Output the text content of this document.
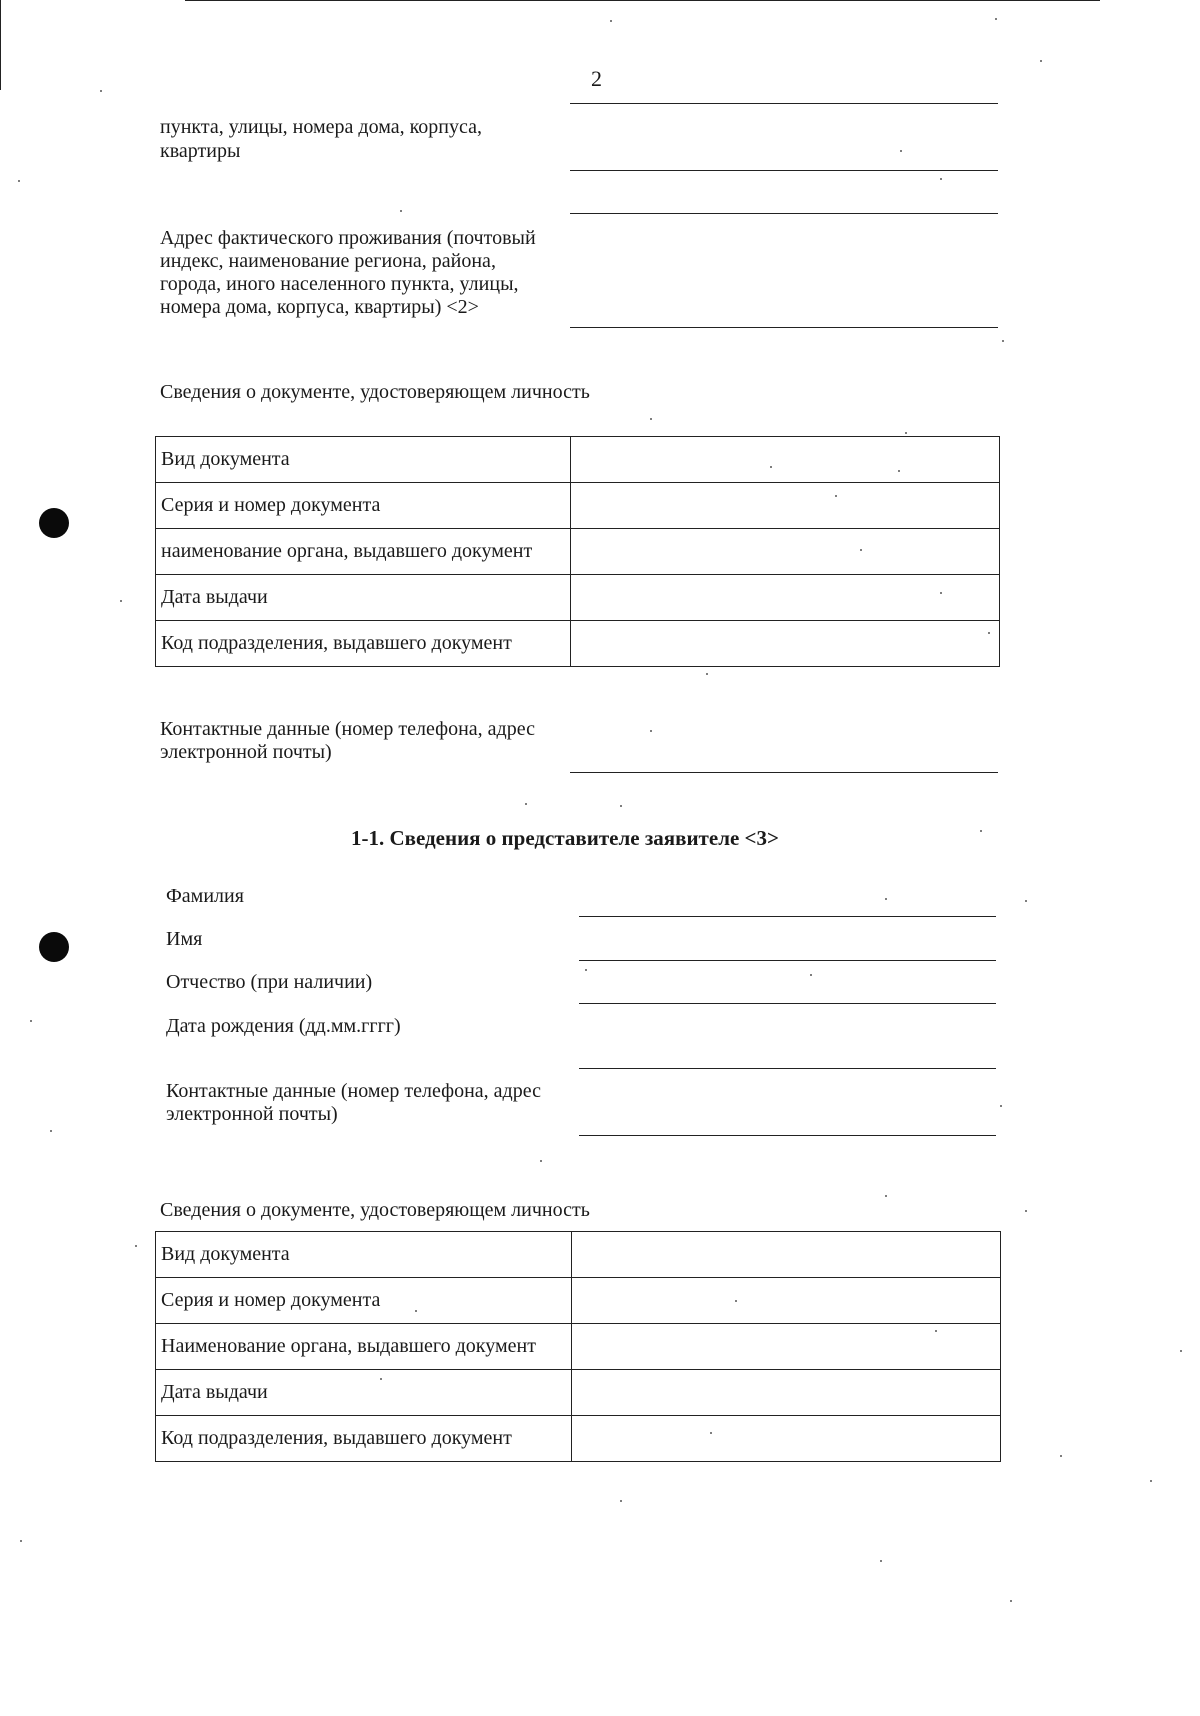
2
пункта, улицы, номера дома, корпуса,
квартиры
Адрес фактического проживания (почтовый
индекс, наименование региона, района,
города, иного населенного пункта, улицы,
номера дома, корпуса, квартиры) <2>
Сведения о документе, удостоверяющем личность
Вид документа	
Серия и номер документа	
наименование органа, выдавшего документ	
Дата выдачи	
Код подразделения, выдавшего документ	
Контактные данные (номер телефона, адрес
электронной почты)
1-1. Сведения о представителе заявителе <3>
Фамилия
Имя
Отчество (при наличии)
Дата рождения (дд.мм.гггг)
Контактные данные (номер телефона, адрес
электронной почты)
Сведения о документе, удостоверяющем личность
Вид документа	
Серия и номер документа	
Наименование органа, выдавшего документ	
Дата выдачи	
Код подразделения, выдавшего документ	
